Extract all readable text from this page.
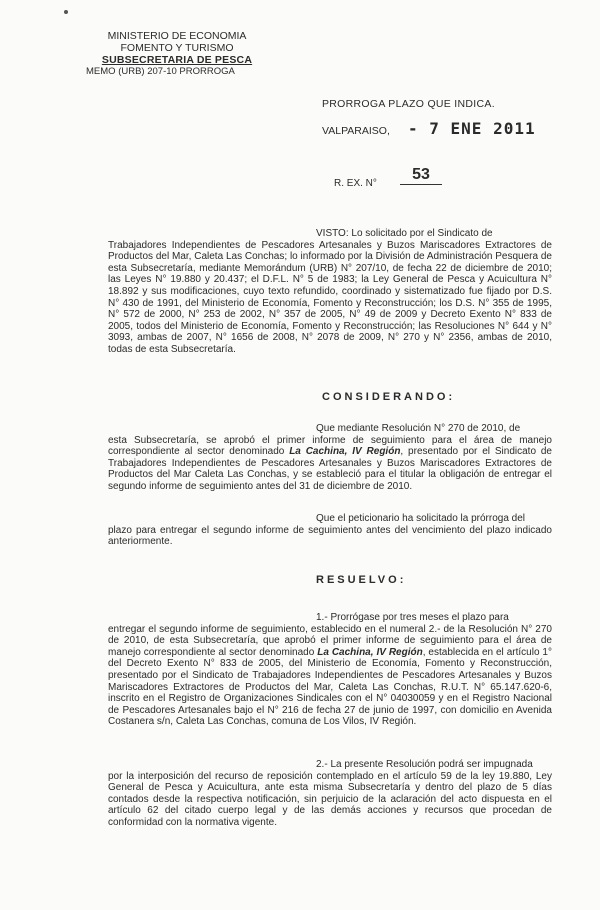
MINISTERIO DE ECONOMIA
FOMENTO Y TURISMO
SUBSECRETARIA DE PESCA
MEMO (URB) 207-10 PRORROGA
PRORROGA PLAZO QUE INDICA.
VALPARAISO, - 7 ENE 2011
R. EX. N°
53

VISTO: Lo solicitado por el Sindicato de

Trabajadores Independientes de Pescadores Artesanales y Buzos Mariscadores Extractores de Productos del Mar, Caleta Las Conchas; lo informado por la División de Administración Pesquera de esta Subsecretaría, mediante Memorándum (URB) N° 207/10, de fecha 22 de diciembre de 2010; las Leyes N° 19.880 y 20.437; el D.F.L. N° 5 de 1983; la Ley General de Pesca y Acuicultura N° 18.892 y sus modificaciones, cuyo texto refundido, coordinado y sistematizado fue fijado por D.S. N° 430 de 1991, del Ministerio de Economía, Fomento y Reconstrucción; los D.S. N° 355 de 1995, N° 572 de 2000, N° 253 de 2002, N° 357 de 2005, N° 49 de 2009 y Decreto Exento N° 833 de 2005, todos del Ministerio de Economía, Fomento y Reconstrucción; las Resoluciones N° 644 y N° 3093, ambas de 2007, N° 1656 de 2008, N° 2078 de 2009, N° 270 y N° 2356, ambas de 2010, todas de esta Subsecretaría.

CONSIDERANDO:

Que mediante Resolución N° 270 de 2010, de

esta Subsecretaría, se aprobó el primer informe de seguimiento para el área de manejo correspondiente al sector denominado La Cachina, IV Región, presentado por el Sindicato de Trabajadores Independientes de Pescadores Artesanales y Buzos Mariscadores Extractores de Productos del Mar Caleta Las Conchas, y se estableció para el titular la obligación de entregar el segundo informe de seguimiento antes del 31 de diciembre de 2010.

Que el peticionario ha solicitado la prórroga del

plazo para entregar el segundo informe de seguimiento antes del vencimiento del plazo indicado anteriormente.

RESUELVO:

1.- Prorrógase por tres meses el plazo para

entregar el segundo informe de seguimiento, establecido en el numeral 2.- de la Resolución N° 270 de 2010, de esta Subsecretaría, que aprobó el primer informe de seguimiento para el área de manejo correspondiente al sector denominado La Cachina, IV Región, establecida en el artículo 1° del Decreto Exento N° 833 de 2005, del Ministerio de Economía, Fomento y Reconstrucción, presentado por el Sindicato de Trabajadores Independientes de Pescadores Artesanales y Buzos Mariscadores Extractores de Productos del Mar, Caleta Las Conchas, R.U.T. N° 65.147.620-6, inscrito en el Registro de Organizaciones Sindicales con el N° 04030059 y en el Registro Nacional de Pescadores Artesanales bajo el N° 216 de fecha 27 de junio de 1997, con domicilio en Avenida Costanera s/n, Caleta Las Conchas, comuna de Los Vilos, IV Región.

2.- La presente Resolución podrá ser impugnada

por la interposición del recurso de reposición contemplado en el artículo 59 de la ley 19.880, Ley General de Pesca y Acuicultura, ante esta misma Subsecretaría y dentro del plazo de 5 días contados desde la respectiva notificación, sin perjuicio de la aclaración del acto dispuesta en el artículo 62 del citado cuerpo legal y de las demás acciones y recursos que procedan de conformidad con la normativa vigente.
